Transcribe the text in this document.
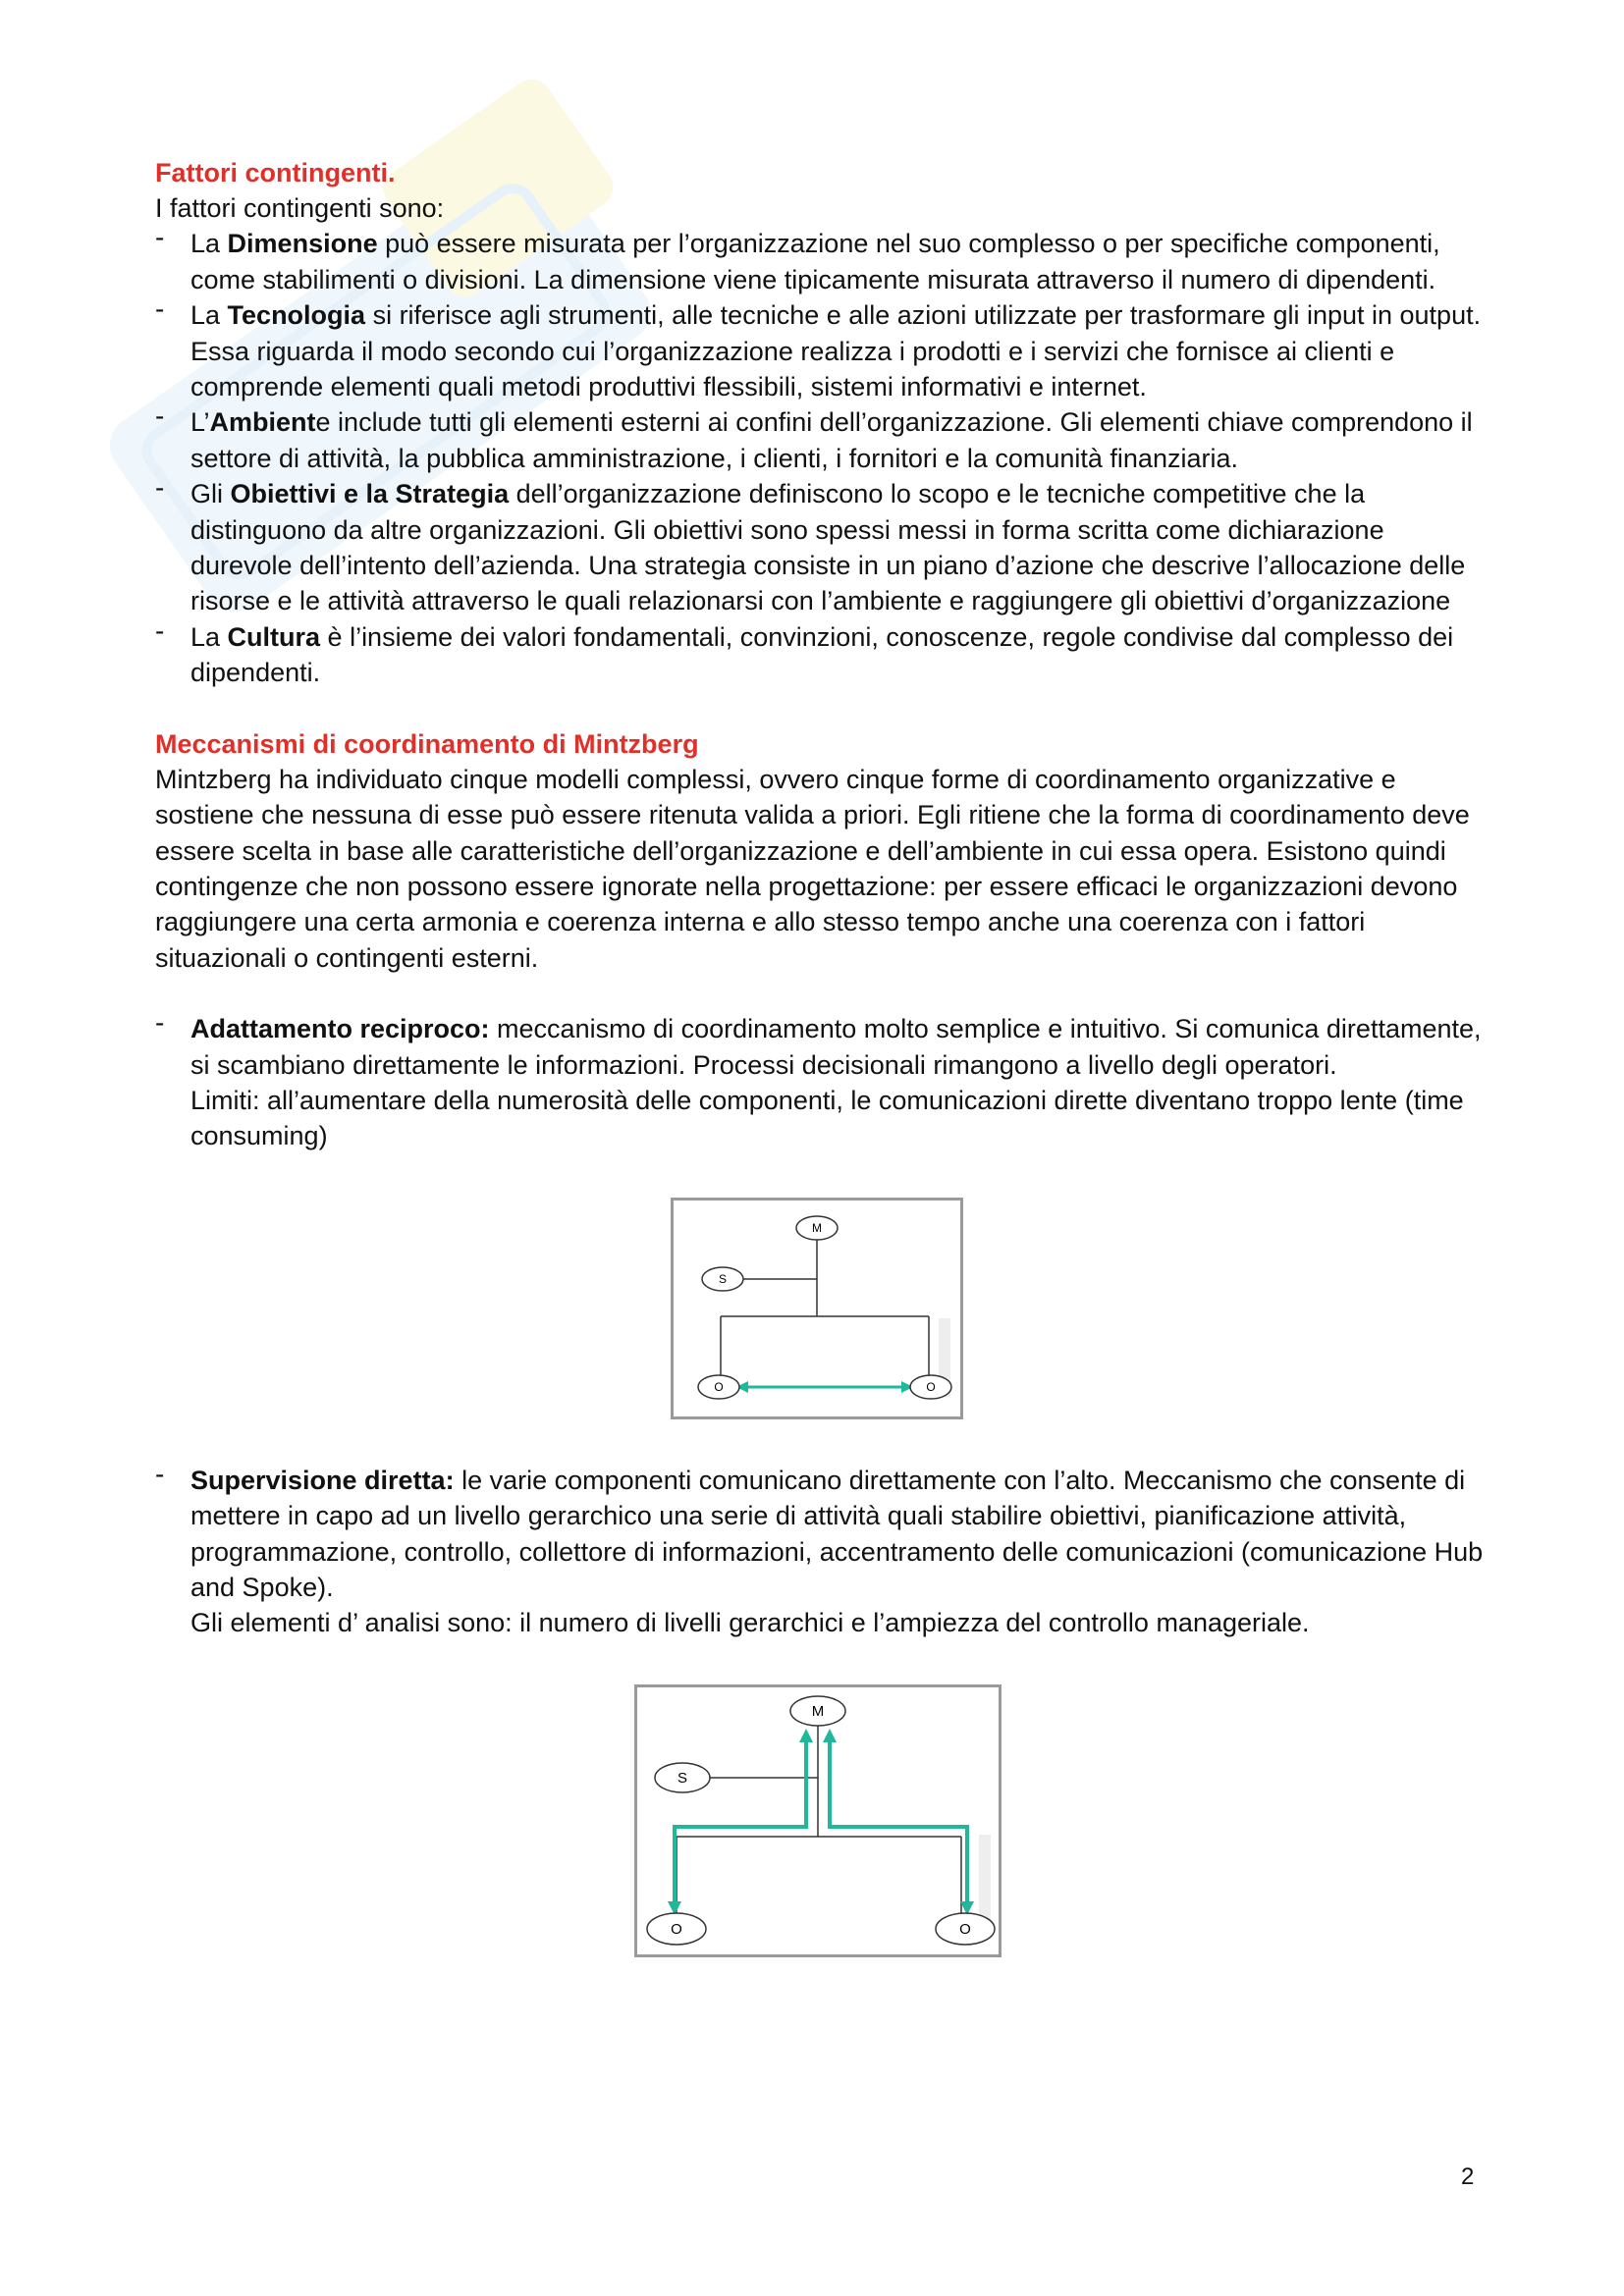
Fattori contingenti.

I fattori contingenti sono:

- La Dimensione può essere misurata per l’organizzazione nel suo complesso o per specifiche componenti, come stabilimenti o divisioni. La dimensione viene tipicamente misurata attraverso il numero di dipendenti.
- La Tecnologia si riferisce agli strumenti, alle tecniche e alle azioni utilizzate per trasformare gli input in output. Essa riguarda il modo secondo cui l’organizzazione realizza i prodotti e i servizi che fornisce ai clienti e comprende elementi quali metodi produttivi flessibili, sistemi informativi e internet.
- L’Ambiente include tutti gli elementi esterni ai confini dell’organizzazione. Gli elementi chiave comprendono il settore di attività, la pubblica amministrazione, i clienti, i fornitori e la comunità finanziaria.
- Gli Obiettivi e la Strategia dell’organizzazione definiscono lo scopo e le tecniche competitive che la distinguono da altre organizzazioni. Gli obiettivi sono spessi messi in forma scritta come dichiarazione durevole dell’intento dell’azienda. Una strategia consiste in un piano d’azione che descrive l’allocazione delle risorse e le attività attraverso le quali relazionarsi con l’ambiente e raggiungere gli obiettivi d’organizzazione
- La Cultura è l’insieme dei valori fondamentali, convinzioni, conoscenze, regole condivise dal complesso dei dipendenti.

Meccanismi di coordinamento di Mintzberg

Mintzberg ha individuato cinque modelli complessi, ovvero cinque forme di coordinamento organizzative e sostiene che nessuna di esse può essere ritenuta valida a priori. Egli ritiene che la forma di coordinamento deve essere scelta in base alle caratteristiche dell’organizzazione e dell’ambiente in cui essa opera. Esistono quindi contingenze che non possono essere ignorate nella progettazione: per essere efficaci le organizzazioni devono raggiungere una certa armonia e coerenza interna e allo stesso tempo anche una coerenza con i fattori situazionali o contingenti esterni.

- Adattamento reciproco: meccanismo di coordinamento molto semplice e intuitivo. Si comunica direttamente, si scambiano direttamente le informazioni. Processi decisionali rimangono a livello degli operatori.
Limiti: all’aumentare della numerosità delle componenti, le comunicazioni dirette diventano troppo lente (time consuming)
M
S
O	O
- Supervisione diretta: le varie componenti comunicano direttamente con l’alto. Meccanismo che consente di mettere in capo ad un livello gerarchico una serie di attività quali stabilire obiettivi, pianificazione attività, programmazione, controllo, collettore di informazioni, accentramento delle comunicazioni (comunicazione Hub and Spoke).
Gli elementi d’ analisi sono: il numero di livelli gerarchici e l’ampiezza del controllo manageriale.
M
S
O	O
2
